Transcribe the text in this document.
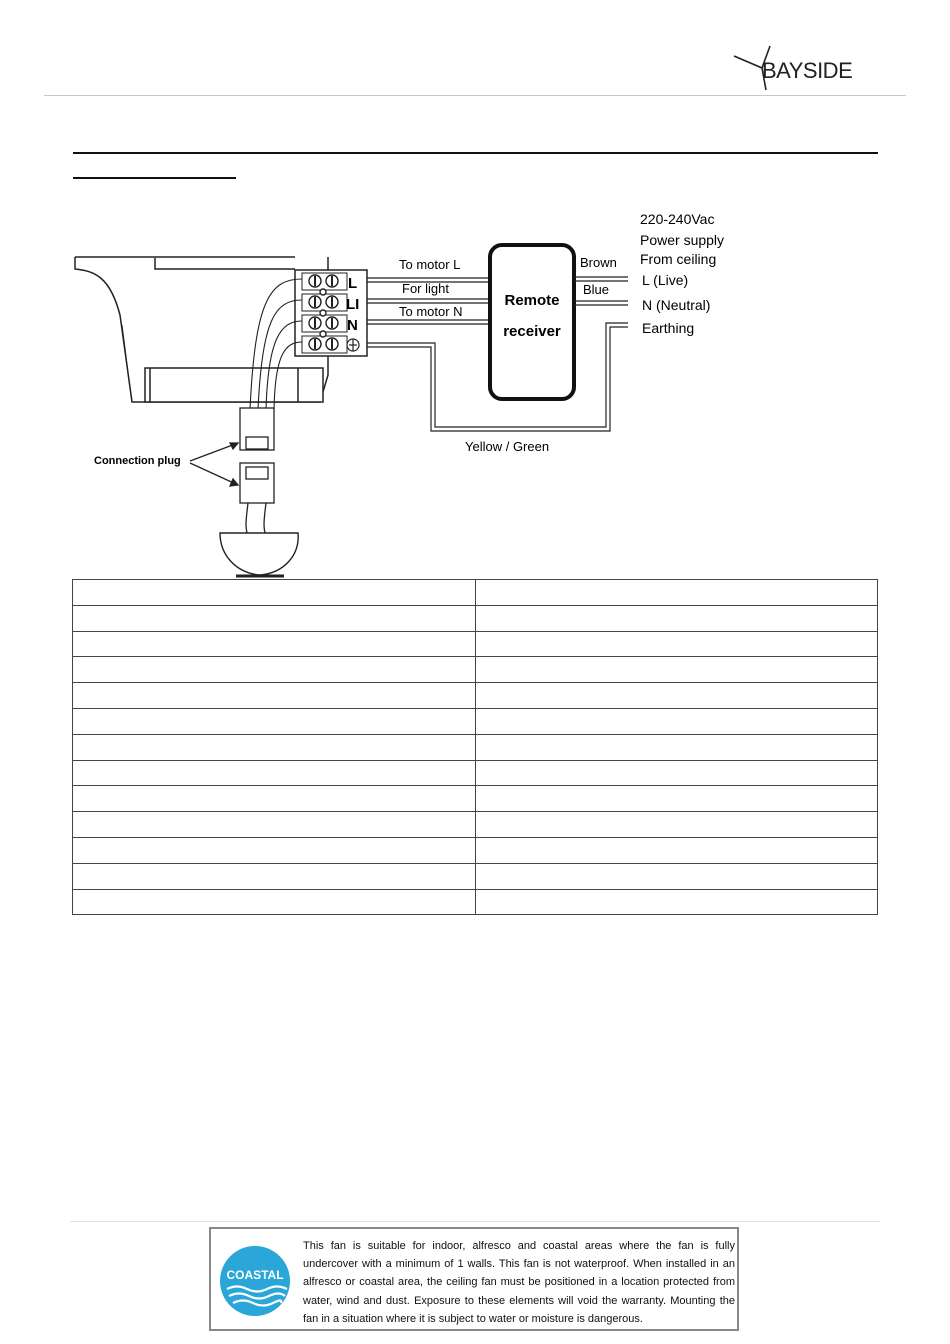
BAYSIDE
L
LI
N
To motor L
For light
To motor N
Remote
receiver
Brown
Blue
Yellow / Green
220-240Vac
Power supply
From ceiling
L (Live)
N (Neutral)
Earthing
Connection plug

COASTAL
This fan is suitable for indoor, alfresco and coastal areas where the fan is fully undercover with a minimum of 1 walls. This fan is not waterproof. When installed in an alfresco or coastal area, the ceiling fan must be positioned in a location protected from water, wind and dust. Exposure to these elements will void the warranty. Mounting the fan in a situation where it is subject to water or moisture is dangerous.
